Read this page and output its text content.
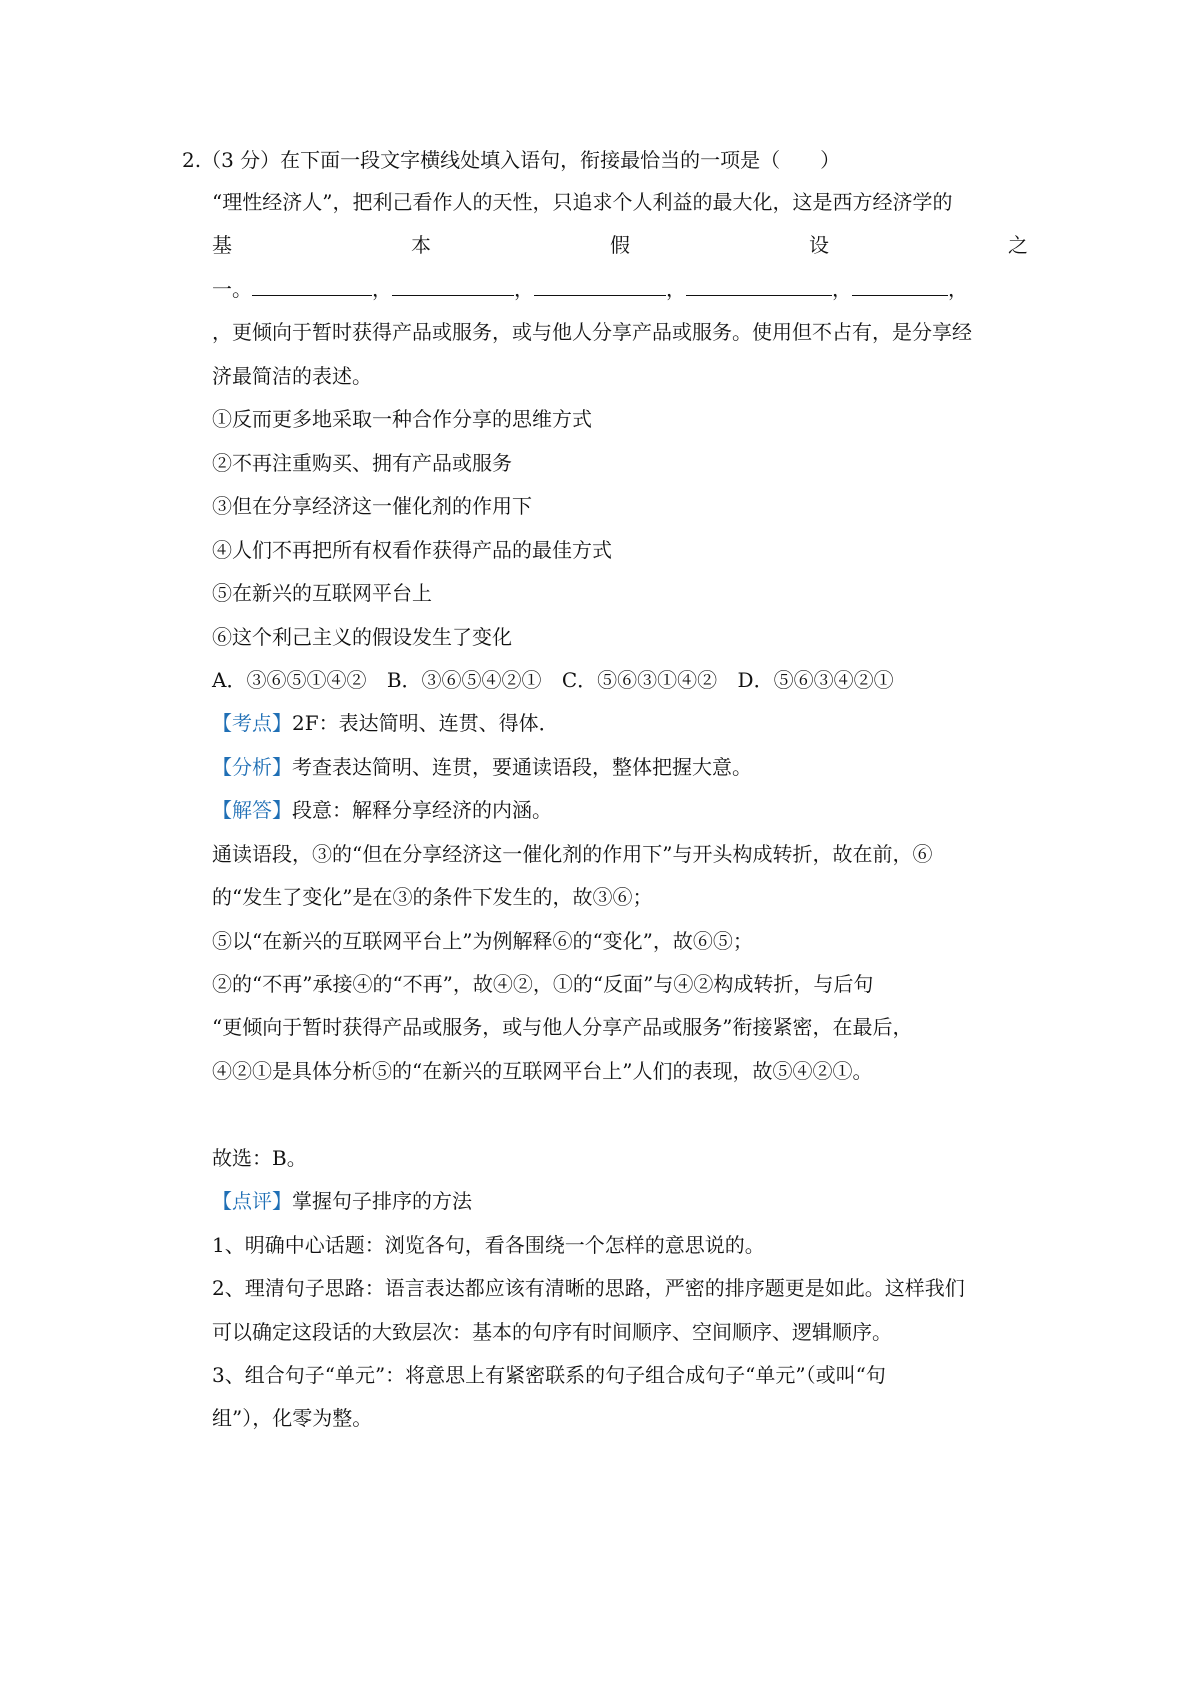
2.（3 分）在下面一段文字横线处填入语句，衔接最恰当的一项是（　　）
“理性经济人”，把利己看作人的天性，只追求个人利益的最大化，这是西方经济学的
基	本	假	设	之
一。	，	，	，	，	，
，更倾向于暂时获得产品或服务，或与他人分享产品或服务。使用但不占有，是分享经
济最简洁的表述。
①反而更多地采取一种合作分享的思维方式
②不再注重购买、拥有产品或服务
③但在分享经济这一催化剂的作用下
④人们不再把所有权看作获得产品的最佳方式
⑤在新兴的互联网平台上
⑥这个利己主义的假设发生了变化
A．③⑥⑤①④② B．③⑥⑤④②① C．⑤⑥③①④② D．⑤⑥③④②①
【考点】2F：表达简明、连贯、得体．
【分析】考查表达简明、连贯，要通读语段，整体把握大意。
【解答】段意：解释分享经济的内涵。
通读语段，③的“但在分享经济这一催化剂的作用下”与开头构成转折，故在前，⑥
的“发生了变化”是在③的条件下发生的，故③⑥；
⑤以“在新兴的互联网平台上”为例解释⑥的“变化”，故⑥⑤；
②的“不再”承接④的“不再”，故④②，①的“反面”与④②构成转折，与后句
“更倾向于暂时获得产品或服务，或与他人分享产品或服务”衔接紧密，在最后，
④②①是具体分析⑤的“在新兴的互联网平台上”人们的表现，故⑤④②①。
故选：B。
【点评】掌握句子排序的方法
1、明确中心话题：浏览各句，看各围绕一个怎样的意思说的。
2、理清句子思路：语言表达都应该有清晰的思路，严密的排序题更是如此。这样我们
可以确定这段话的大致层次：基本的句序有时间顺序、空间顺序、逻辑顺序。
3、组合句子“单元”：将意思上有紧密联系的句子组合成句子“单元”（或叫“句
组”），化零为整。
